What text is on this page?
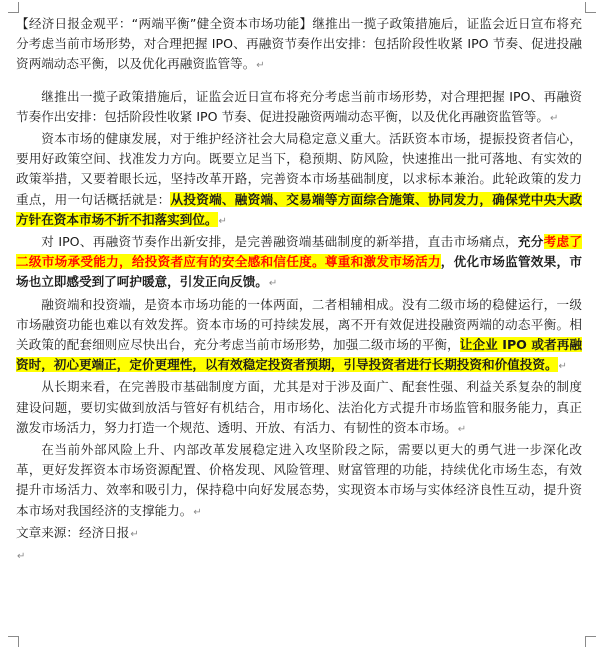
【经济日报金观平：“两端平衡”健全资本市场功能】继推出一揽子政策措施后，证监会近日宣布将充分考虑当前市场形势，对合理把握 IPO、再融资节奏作出安排：包括阶段性收紧 IPO 节奏、促进投融资两端动态平衡，以及优化再融资监管等。↵

继推出一揽子政策措施后，证监会近日宣布将充分考虑当前市场形势，对合理把握 IPO、再融资节奏作出安排：包括阶段性收紧 IPO 节奏、促进投融资两端动态平衡，以及优化再融资监管等。↵

资本市场的健康发展，对于维护经济社会大局稳定意义重大。活跃资本市场，提振投资者信心，要用好政策空间、找准发力方向。既要立足当下，稳预期、防风险，快速推出一批可落地、有实效的政策举措，又要着眼长远，坚持改革开路，完善资本市场基础制度，以求标本兼治。此轮政策的发力重点，用一句话概括就是：从投资端、融资端、交易端等方面综合施策、协同发力，确保党中央大政方针在资本市场不折不扣落实到位。↵

对 IPO、再融资节奏作出新安排，是完善融资端基础制度的新举措，直击市场痛点，充分考虑了二级市场承受能力，给投资者应有的安全感和信任度。尊重和激发市场活力，优化市场监管效果，市场也立即感受到了呵护暖意，引发正向反馈。↵

融资端和投资端，是资本市场功能的一体两面，二者相辅相成。没有二级市场的稳健运行，一级市场融资功能也难以有效发挥。资本市场的可持续发展，离不开有效促进投融资两端的动态平衡。相关政策的配套细则应尽快出台，充分考虑当前市场形势，加强二级市场的平衡，让企业 IPO 或者再融资时，初心更端正，定价更理性，以有效稳定投资者预期，引导投资者进行长期投资和价值投资。↵

从长期来看，在完善股市基础制度方面，尤其是对于涉及面广、配套性强、利益关系复杂的制度建设问题，要切实做到放活与管好有机结合，用市场化、法治化方式提升市场监管和服务能力，真正激发市场活力，努力打造一个规范、透明、开放、有活力、有韧性的资本市场。↵

在当前外部风险上升、内部改革发展稳定进入攻坚阶段之际，需要以更大的勇气进一步深化改革，更好发挥资本市场资源配置、价格发现、风险管理、财富管理的功能，持续优化市场生态，有效提升市场活力、效率和吸引力，保持稳中向好发展态势，实现资本市场与实体经济良性互动，提升资本市场对我国经济的支撑能力。↵

文章来源：经济日报↵

↵
